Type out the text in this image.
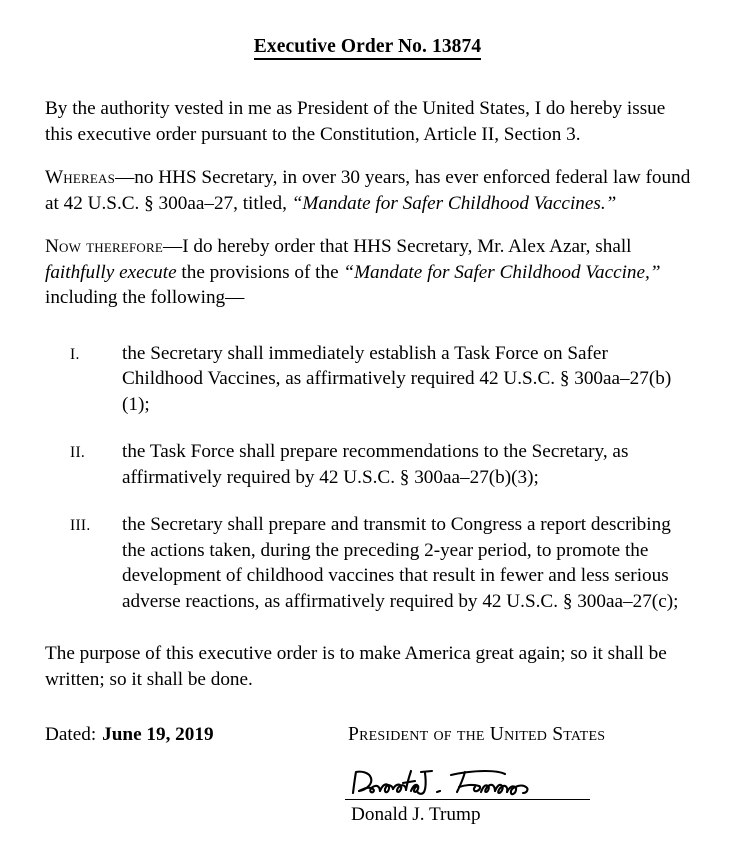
Executive Order No. 13874

By the authority vested in me as President of the United States, I do hereby issue this executive order pursuant to the Constitution, Article II, Section 3.

Whereas—no HHS Secretary, in over 30 years, has ever enforced federal law found at 42 U.S.C. § 300aa–27, titled, “Mandate for Safer Childhood Vaccines.”

Now therefore—I do hereby order that HHS Secretary, Mr. Alex Azar, shall faithfully execute the provisions of the “Mandate for Safer Childhood Vaccine,” including the following—

I. the Secretary shall immediately establish a Task Force on Safer Childhood Vaccines, as affirmatively required 42 U.S.C. § 300aa–27(b)(1);
II. the Task Force shall prepare recommendations to the Secretary, as affirmatively required by 42 U.S.C. § 300aa–27(b)(3);
III. the Secretary shall prepare and transmit to Congress a report describing the actions taken, during the preceding 2-year period, to promote the development of childhood vaccines that result in fewer and less serious adverse reactions, as affirmatively required by 42 U.S.C. § 300aa–27(c);

The purpose of this executive order is to make America great again; so it shall be written; so it shall be done.

Dated: June 19, 2019	President of the United States
Donald J. Trump
